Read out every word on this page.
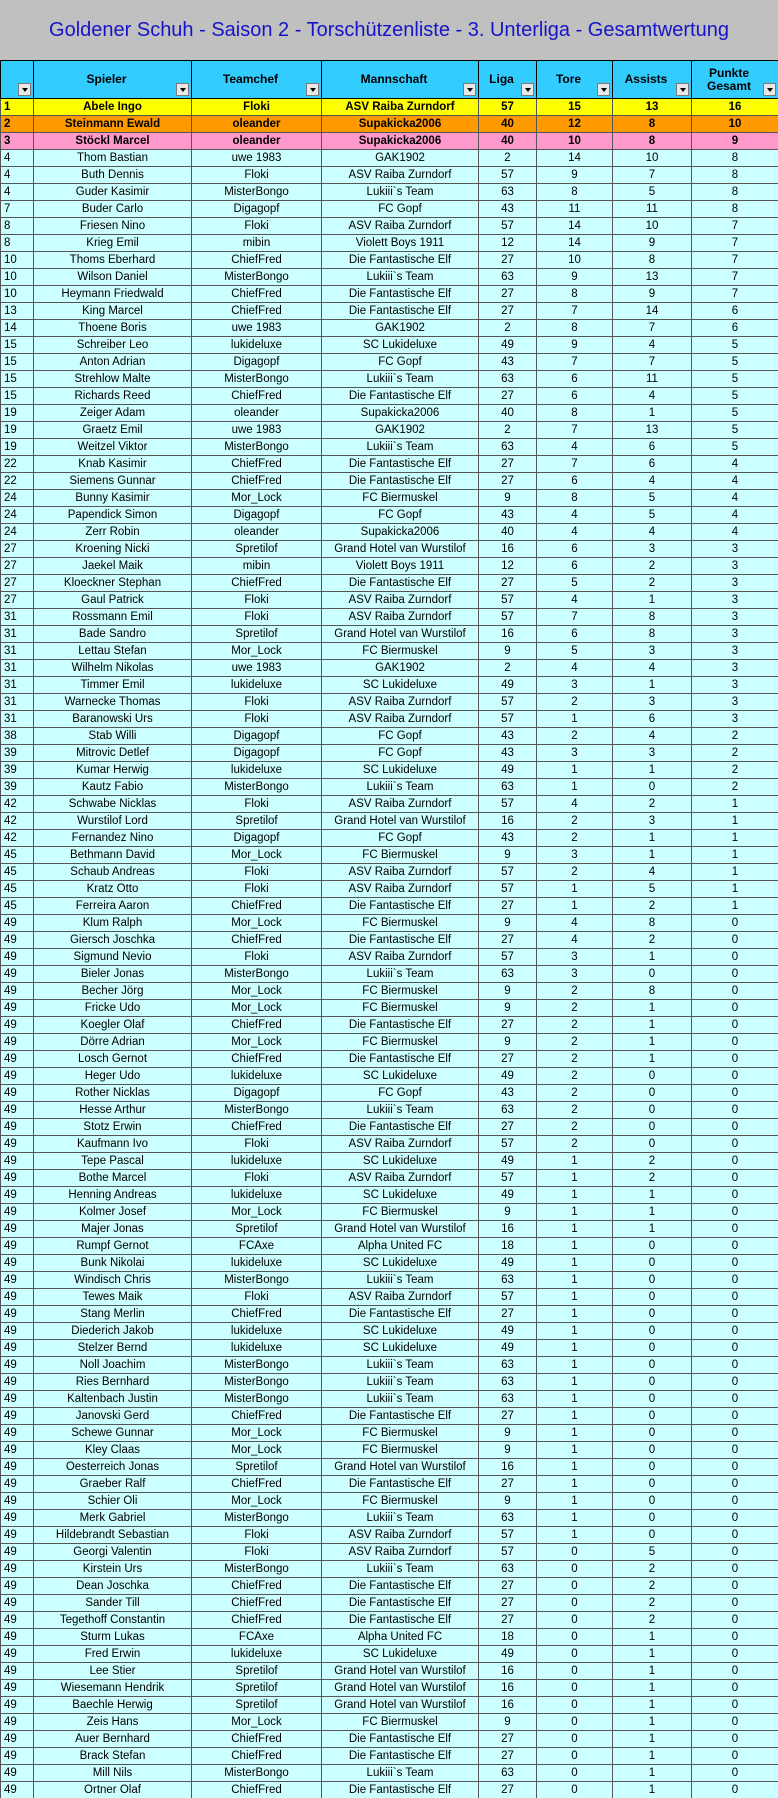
Goldener Schuh - Saison 2 - Torschützenliste - 3. Unterliga - Gesamtwertung

	Spieler	Teamchef	Mannschaft	Liga	Tore	Assists	Punkte Gesamt

1	Abele Ingo	Floki	ASV Raiba Zurndorf	57	15	13	16
2	Steinmann Ewald	oleander	Supakicka2006	40	12	8	10
3	Stöckl Marcel	oleander	Supakicka2006	40	10	8	9
4	Thom Bastian	uwe 1983	GAK1902	2	14	10	8
4	Buth Dennis	Floki	ASV Raiba Zurndorf	57	9	7	8
4	Guder Kasimir	MisterBongo	Lukiii`s Team	63	8	5	8
7	Buder Carlo	Digagopf	FC Gopf	43	11	11	8
8	Friesen Nino	Floki	ASV Raiba Zurndorf	57	14	10	7
8	Krieg Emil	mibin	Violett Boys 1911	12	14	9	7
10	Thoms Eberhard	ChiefFred	Die Fantastische Elf	27	10	8	7
10	Wilson Daniel	MisterBongo	Lukiii`s Team	63	9	13	7
10	Heymann Friedwald	ChiefFred	Die Fantastische Elf	27	8	9	7
13	King Marcel	ChiefFred	Die Fantastische Elf	27	7	14	6
14	Thoene Boris	uwe 1983	GAK1902	2	8	7	6
15	Schreiber Leo	lukideluxe	SC Lukideluxe	49	9	4	5
15	Anton Adrian	Digagopf	FC Gopf	43	7	7	5
15	Strehlow Malte	MisterBongo	Lukiii`s Team	63	6	11	5
15	Richards Reed	ChiefFred	Die Fantastische Elf	27	6	4	5
19	Zeiger Adam	oleander	Supakicka2006	40	8	1	5
19	Graetz Emil	uwe 1983	GAK1902	2	7	13	5
19	Weitzel Viktor	MisterBongo	Lukiii`s Team	63	4	6	5
22	Knab Kasimir	ChiefFred	Die Fantastische Elf	27	7	6	4
22	Siemens Gunnar	ChiefFred	Die Fantastische Elf	27	6	4	4
24	Bunny Kasimir	Mor_Lock	FC Biermuskel	9	8	5	4
24	Papendick Simon	Digagopf	FC Gopf	43	4	5	4
24	Zerr Robin	oleander	Supakicka2006	40	4	4	4
27	Kroening Nicki	Spretilof	Grand Hotel van Wurstilof	16	6	3	3
27	Jaekel Maik	mibin	Violett Boys 1911	12	6	2	3
27	Kloeckner Stephan	ChiefFred	Die Fantastische Elf	27	5	2	3
27	Gaul Patrick	Floki	ASV Raiba Zurndorf	57	4	1	3
31	Rossmann Emil	Floki	ASV Raiba Zurndorf	57	7	8	3
31	Bade Sandro	Spretilof	Grand Hotel van Wurstilof	16	6	8	3
31	Lettau Stefan	Mor_Lock	FC Biermuskel	9	5	3	3
31	Wilhelm Nikolas	uwe 1983	GAK1902	2	4	4	3
31	Timmer Emil	lukideluxe	SC Lukideluxe	49	3	1	3
31	Warnecke Thomas	Floki	ASV Raiba Zurndorf	57	2	3	3
31	Baranowski Urs	Floki	ASV Raiba Zurndorf	57	1	6	3
38	Stab Willi	Digagopf	FC Gopf	43	2	4	2
39	Mitrovic Detlef	Digagopf	FC Gopf	43	3	3	2
39	Kumar Herwig	lukideluxe	SC Lukideluxe	49	1	1	2
39	Kautz Fabio	MisterBongo	Lukiii`s Team	63	1	0	2
42	Schwabe Nicklas	Floki	ASV Raiba Zurndorf	57	4	2	1
42	Wurstilof Lord	Spretilof	Grand Hotel van Wurstilof	16	2	3	1
42	Fernandez Nino	Digagopf	FC Gopf	43	2	1	1
45	Bethmann David	Mor_Lock	FC Biermuskel	9	3	1	1
45	Schaub Andreas	Floki	ASV Raiba Zurndorf	57	2	4	1
45	Kratz Otto	Floki	ASV Raiba Zurndorf	57	1	5	1
45	Ferreira Aaron	ChiefFred	Die Fantastische Elf	27	1	2	1
49	Klum Ralph	Mor_Lock	FC Biermuskel	9	4	8	0
49	Giersch Joschka	ChiefFred	Die Fantastische Elf	27	4	2	0
49	Sigmund Nevio	Floki	ASV Raiba Zurndorf	57	3	1	0
49	Bieler Jonas	MisterBongo	Lukiii`s Team	63	3	0	0
49	Becher Jörg	Mor_Lock	FC Biermuskel	9	2	8	0
49	Fricke Udo	Mor_Lock	FC Biermuskel	9	2	1	0
49	Koegler Olaf	ChiefFred	Die Fantastische Elf	27	2	1	0
49	Dörre Adrian	Mor_Lock	FC Biermuskel	9	2	1	0
49	Losch Gernot	ChiefFred	Die Fantastische Elf	27	2	1	0
49	Heger Udo	lukideluxe	SC Lukideluxe	49	2	0	0
49	Rother Nicklas	Digagopf	FC Gopf	43	2	0	0
49	Hesse Arthur	MisterBongo	Lukiii`s Team	63	2	0	0
49	Stotz Erwin	ChiefFred	Die Fantastische Elf	27	2	0	0
49	Kaufmann Ivo	Floki	ASV Raiba Zurndorf	57	2	0	0
49	Tepe Pascal	lukideluxe	SC Lukideluxe	49	1	2	0
49	Bothe Marcel	Floki	ASV Raiba Zurndorf	57	1	2	0
49	Henning Andreas	lukideluxe	SC Lukideluxe	49	1	1	0
49	Kolmer Josef	Mor_Lock	FC Biermuskel	9	1	1	0
49	Majer Jonas	Spretilof	Grand Hotel van Wurstilof	16	1	1	0
49	Rumpf Gernot	FCAxe	Alpha United FC	18	1	0	0
49	Bunk Nikolai	lukideluxe	SC Lukideluxe	49	1	0	0
49	Windisch Chris	MisterBongo	Lukiii`s Team	63	1	0	0
49	Tewes Maik	Floki	ASV Raiba Zurndorf	57	1	0	0
49	Stang Merlin	ChiefFred	Die Fantastische Elf	27	1	0	0
49	Diederich Jakob	lukideluxe	SC Lukideluxe	49	1	0	0
49	Stelzer Bernd	lukideluxe	SC Lukideluxe	49	1	0	0
49	Noll Joachim	MisterBongo	Lukiii`s Team	63	1	0	0
49	Ries Bernhard	MisterBongo	Lukiii`s Team	63	1	0	0
49	Kaltenbach Justin	MisterBongo	Lukiii`s Team	63	1	0	0
49	Janovski Gerd	ChiefFred	Die Fantastische Elf	27	1	0	0
49	Schewe Gunnar	Mor_Lock	FC Biermuskel	9	1	0	0
49	Kley Claas	Mor_Lock	FC Biermuskel	9	1	0	0
49	Oesterreich Jonas	Spretilof	Grand Hotel van Wurstilof	16	1	0	0
49	Graeber Ralf	ChiefFred	Die Fantastische Elf	27	1	0	0
49	Schier Oli	Mor_Lock	FC Biermuskel	9	1	0	0
49	Merk Gabriel	MisterBongo	Lukiii`s Team	63	1	0	0
49	Hildebrandt Sebastian	Floki	ASV Raiba Zurndorf	57	1	0	0
49	Georgi Valentin	Floki	ASV Raiba Zurndorf	57	0	5	0
49	Kirstein Urs	MisterBongo	Lukiii`s Team	63	0	2	0
49	Dean Joschka	ChiefFred	Die Fantastische Elf	27	0	2	0
49	Sander Till	ChiefFred	Die Fantastische Elf	27	0	2	0
49	Tegethoff Constantin	ChiefFred	Die Fantastische Elf	27	0	2	0
49	Sturm Lukas	FCAxe	Alpha United FC	18	0	1	0
49	Fred Erwin	lukideluxe	SC Lukideluxe	49	0	1	0
49	Lee Stier	Spretilof	Grand Hotel van Wurstilof	16	0	1	0
49	Wiesemann Hendrik	Spretilof	Grand Hotel van Wurstilof	16	0	1	0
49	Baechle Herwig	Spretilof	Grand Hotel van Wurstilof	16	0	1	0
49	Zeis Hans	Mor_Lock	FC Biermuskel	9	0	1	0
49	Auer Bernhard	ChiefFred	Die Fantastische Elf	27	0	1	0
49	Brack Stefan	ChiefFred	Die Fantastische Elf	27	0	1	0
49	Mill Nils	MisterBongo	Lukiii`s Team	63	0	1	0
49	Ortner Olaf	ChiefFred	Die Fantastische Elf	27	0	1	0
